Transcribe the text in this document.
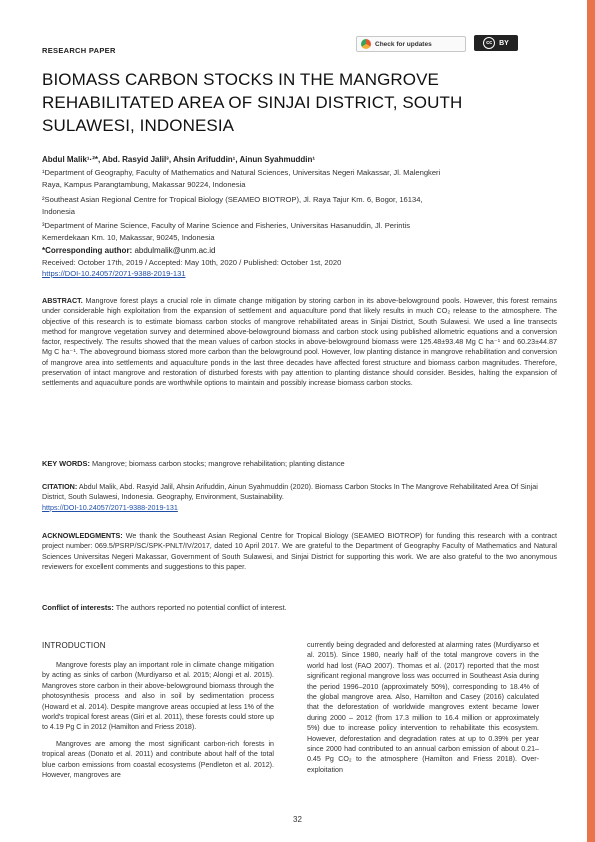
RESEARCH PAPER
Check for updates	cc BY
BIOMASS CARBON STOCKS IN THE MANGROVE
REHABILITATED AREA OF SINJAI DISTRICT, SOUTH
SULAWESI, INDONESIA
Abdul Malik¹·²*, Abd. Rasyid Jalil³, Ahsin Arifuddin¹, Ainun Syahmuddin¹
¹Department of Geography, Faculty of Mathematics and Natural Sciences, Universitas Negeri Makassar, Jl. Malengkeri
Raya, Kampus Parangtambung, Makassar 90224, Indonesia
²Southeast Asian Regional Centre for Tropical Biology (SEAMEO BIOTROP), Jl. Raya Tajur Km. 6, Bogor, 16134,
Indonesia
³Department of Marine Science, Faculty of Marine Science and Fisheries, Universitas Hasanuddin, Jl. Perintis
Kemerdekaan Km. 10, Makassar, 90245, Indonesia
*Corresponding author: abdulmalik@unm.ac.id
Received: October 17th, 2019 / Accepted: May 10th, 2020 / Published: October 1st, 2020
https://DOI-10.24057/2071-9388-2019-131
ABSTRACT. Mangrove forest plays a crucial role in climate change mitigation by storing carbon in its above-belowground pools. However, this forest remains under considerable high exploitation from the expansion of settlement and aquaculture pond that likely results in much CO₂ release to the atmosphere. The objective of this research is to estimate biomass carbon stocks of mangrove rehabilitated areas in Sinjai District, South Sulawesi. We used a line transects method for mangrove vegetation survey and determined above-belowground biomass and carbon stock using published allometric equations and a conversion factor, respectively. The results showed that the mean values of carbon stocks in above-belowground biomass were 125.48±93.48 Mg C ha⁻¹ and 60.23±44.87 Mg C ha⁻¹. The aboveground biomass stored more carbon than the belowground pool. However, low planting distance in mangrove rehabilitation and conversion of mangrove area into settlements and aquaculture ponds in the last three decades have affected forest structure and biomass carbon magnitudes. Therefore, preservation of intact mangrove and restoration of disturbed forests with pay attention to planting distance should consider. Besides, halting the expansion of settlements and aquaculture ponds are worthwhile options to maintain and possibly increase biomass carbon stocks.
KEY WORDS: Mangrove; biomass carbon stocks; mangrove rehabilitation; planting distance
CITATION: Abdul Malik, Abd. Rasyid Jalil, Ahsin Arifuddin, Ainun Syahmuddin (2020). Biomass Carbon Stocks In The Mangrove Rehabilitated Area Of Sinjai District, South Sulawesi, Indonesia. Geography, Environment, Sustainability.
https://DOI-10.24057/2071-9388-2019-131
ACKNOWLEDGMENTS: We thank the Southeast Asian Regional Centre for Tropical Biology (SEAMEO BIOTROP) for funding this research with a contract project number: 069.5/PSRP/SC/SPK-PNLT/IV/2017, dated 10 April 2017. We are grateful to the Department of Geography Faculty of Mathematics and Natural Sciences Universitas Negeri Makassar, Government of South Sulawesi, and Sinjai District for supporting this work. We are also grateful to the two anonymous reviewers for excellent comments and suggestions to this paper.
Conflict of interests: The authors reported no potential conflict of interest.
INTRODUCTION

Mangrove forests play an important role in climate change mitigation by acting as sinks of carbon (Murdiyarso et al. 2015; Alongi et al. 2015). Mangroves store carbon in their above-belowground biomass through the photosynthesis process and also in soil by sedimentation process (Howard et al. 2014). Despite mangrove areas occupied at less 1% of the world's tropical forest areas (Giri et al. 2011), these forests could store up to 4.19 Pg C in 2012 (Hamilton and Friess 2018).

Mangroves are among the most significant carbon-rich forests in tropical areas (Donato et al. 2011) and contribute about half of the total blue carbon emissions from coastal ecosystems (Pendleton et al. 2012). However, mangroves are

currently being degraded and deforested at alarming rates (Murdiyarso et al. 2015). Since 1980, nearly half of the total mangrove covers in the world had lost (FAO 2007). Thomas et al. (2017) reported that the most significant regional mangrove loss was occurred in Southeast Asia during the period 1996–2010 (approximately 50%), corresponding to 18.4% of the global mangrove area. Also, Hamilton and Casey (2016) calculated that the deforestation of worldwide mangroves extent became lower during 2000 – 2012 (from 17.3 million to 16.4 million or approximately 5%) due to increase policy intervention to rehabilitate this ecosystem. However, deforestation and degradation rates at up to 0.39% per year since 2000 had contributed to an annual carbon emission of about 0.21–0.45 Pg CO₂ to the atmosphere (Hamilton and Friess 2018). Over-exploitation

32
